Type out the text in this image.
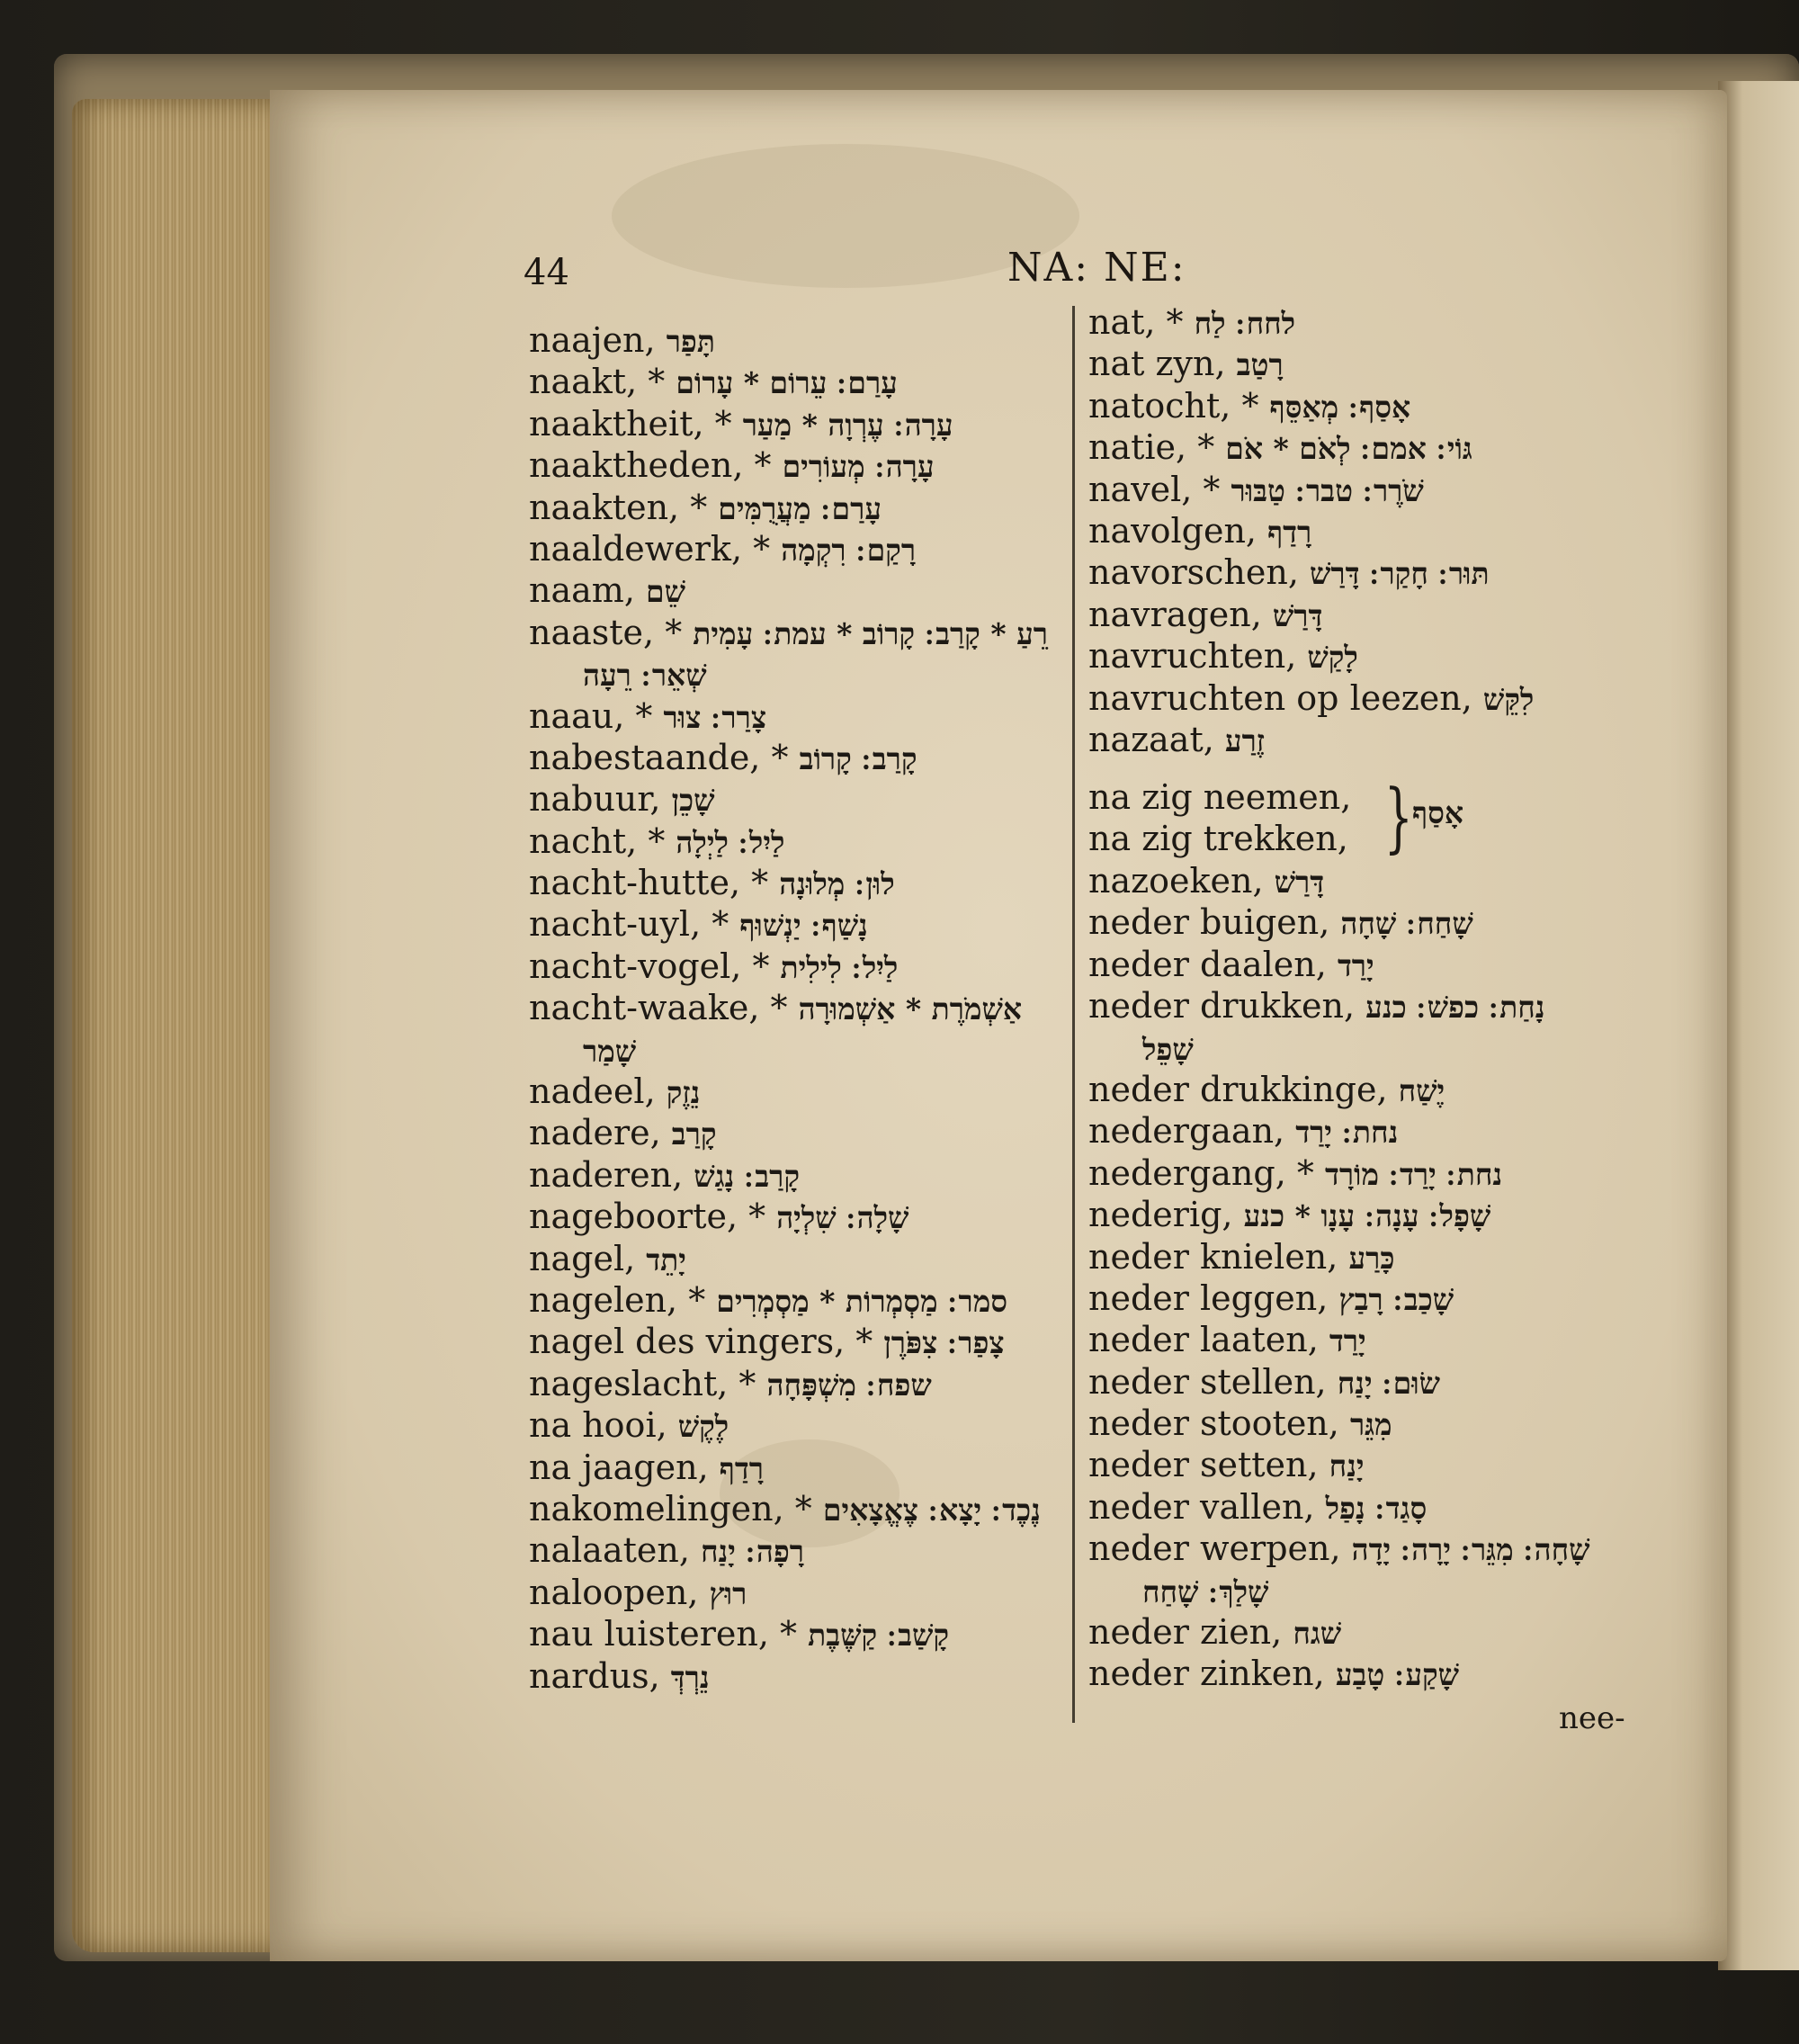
44	NA: NE:
naajen, תָּפַר
naakt, * עָרַם ׃ עֵרוֹם * עָרוֹם
naaktheit, * עָרָה ׃ עֶרְוָה * מַעַר
naaktheden, * עָרָה ׃ מְעוֹרִים
naakten, * עָרַם ׃ מַעֲרֻמִּים
naaldewerk, * רָקַם ׃ רִקְמָה
naam, שֵׁם
naaste, * רֵעַ * קָרַב ׃ קָרוֹב * עמת ׃ עָמִית
שְׁאֵר ׃ רֵעָה
naau, * צָרַר ׃ צוּר
nabestaande, * קָרַב ׃ קָרוֹב
nabuur, שָׁכֵן
nacht, * לַיִל ׃ לַיְלָה
nacht-hutte, * לוּן ׃ מְלוּנָה
nacht-uyl, * נָשַׁף ׃ יַנְשׁוּף
nacht-vogel, * לַיִל ׃ לִילִית
nacht-waake, * אַשְׁמֹרֶת * אַשְׁמוּרָה
שָׁמַר
nadeel, נֵזֶק
nadere, קָרַב
naderen, קָרַב ׃ נָגַשׁ
nageboorte, * שָׁלָה ׃ שִׁלְיָה
nagel, יָתֵד
nagelen, * סמר ׃ מַסְמְרוֹת * מַסְמְרִים
nagel des vingers, * צָפַר ׃ צִפֹּרֶן
nageslacht, * שפח ׃ מִשְׁפָּחָה
na hooi, לֶקֶשׁ
na jaagen, רָדַף
nakomelingen, * נֶכֶד ׃ יָצָא ׃ צֶאֱצָאִים
nalaaten, רָפָה ׃ יָנַח
naloopen, רוּץ
nau luisteren, * קָשַׁב ׃ קַשֶּׁבֶת
nardus, נֵרְדְּ
nat, * לחח ׃ לַח
nat zyn, רָטַב
natocht, * אָסַף ׃ מְאַסֵּף
natie, * גּוֹי ׃ אמם ׃ לְאֹם * אֹם
navel, * שֹׁרֶר ׃ טבר ׃ טַבּוּר
navolgen, רָדַף
navorschen, תּוּר ׃ חָקַר ׃ דָּרַשׁ
navragen, דָּרַשׁ
navruchten, לָקַשׁ
navruchten op leezen, לִקֵּשׁ
nazaat, זֶרַע
na zig neemen,
na zig trekken, } אָסַף
nazoeken, דָּרַשׁ
neder buigen, שָׁחַח ׃ שָׁחָה
neder daalen, יָרַד
neder drukken, נָחַת ׃ כפשׁ ׃ כנע
שָׁפֵל
neder drukkinge, יֶשַׁח
nedergaan, נחת ׃ יָרַד
nedergang, * נחת ׃ יָרַד ׃ מוֹרָד
nederig, שָׁפָל ׃ עָנָה ׃ עָנָו * כנע
neder knielen, כָּרַע
neder leggen, שָׁכַב ׃ רָבַץ
neder laaten, יָרַד
neder stellen, שׂוּם ׃ יָנַח
neder stooten, מִגֵּר
neder setten, יָנַח
neder vallen, סָגַד ׃ נָפַל
neder werpen, שָׁחָה ׃ מִגֵּר ׃ יָרָה ׃ יָדָה
שָׁלַךְ ׃ שָׁחַח
neder zien, שׁגח
neder zinken, שָׁקַע ׃ טָבַע
nee-
